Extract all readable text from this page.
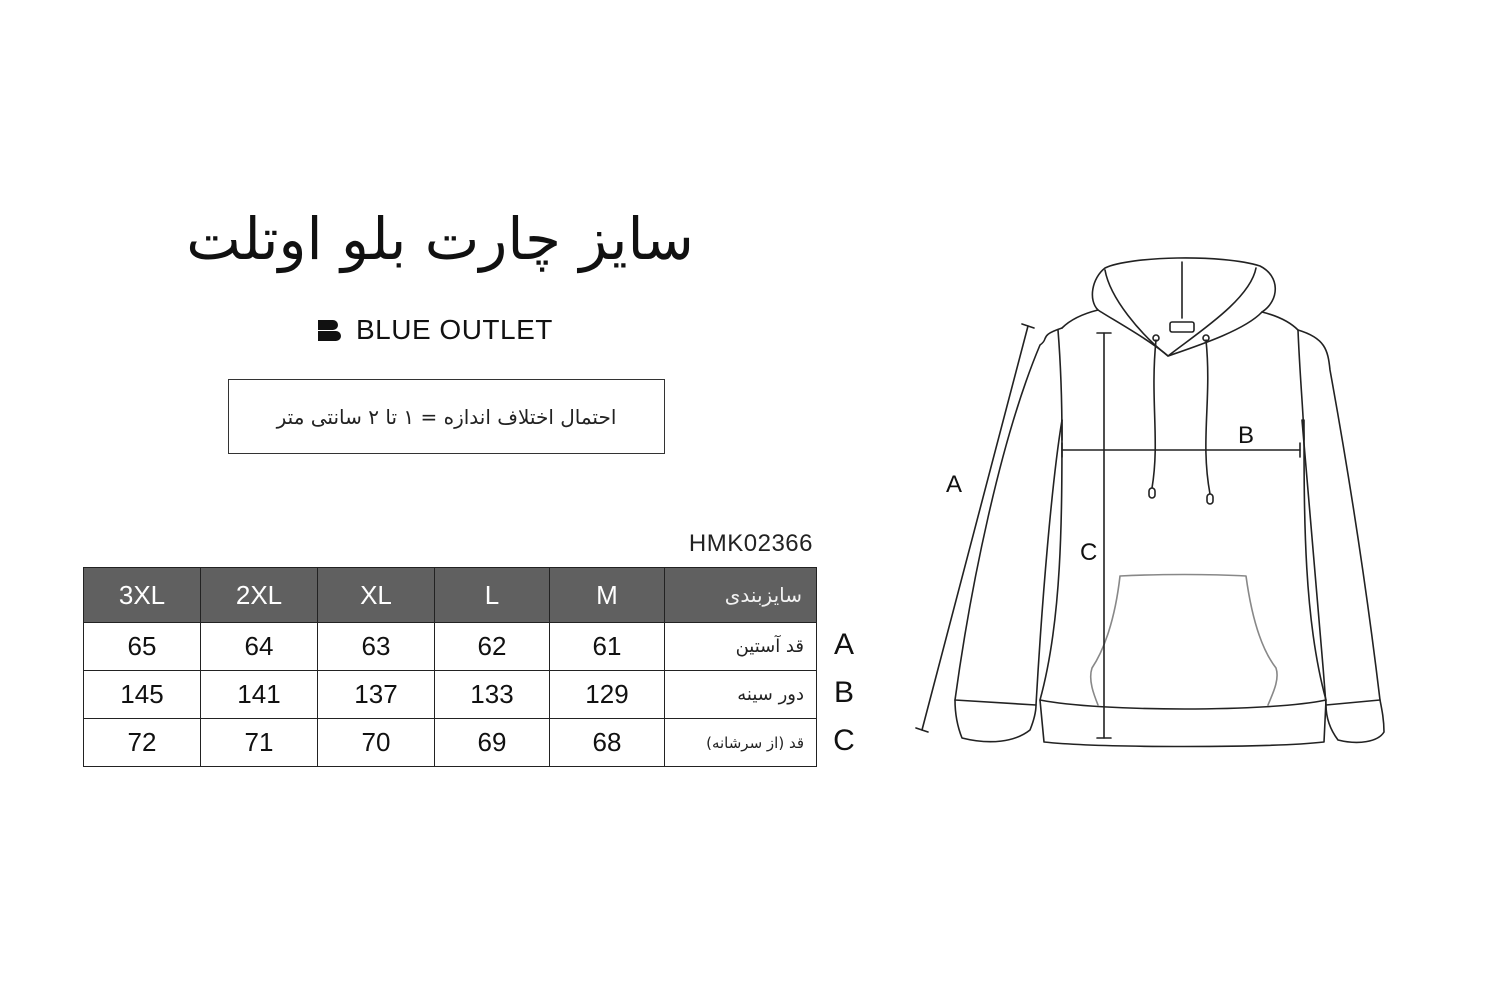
سایز چارت بلو اوتلت
BLUE OUTLET
احتمال اختلاف اندازه = ۱ تا ۲ سانتی متر
HMK02366
3XL	2XL	XL	L	M	سایزبندی
65	64	63	62	61	قد آستین
145	141	137	133	129	دور سینه
72	71	70	69	68	قد (از سرشانه)
A
B
C
A
B
C
